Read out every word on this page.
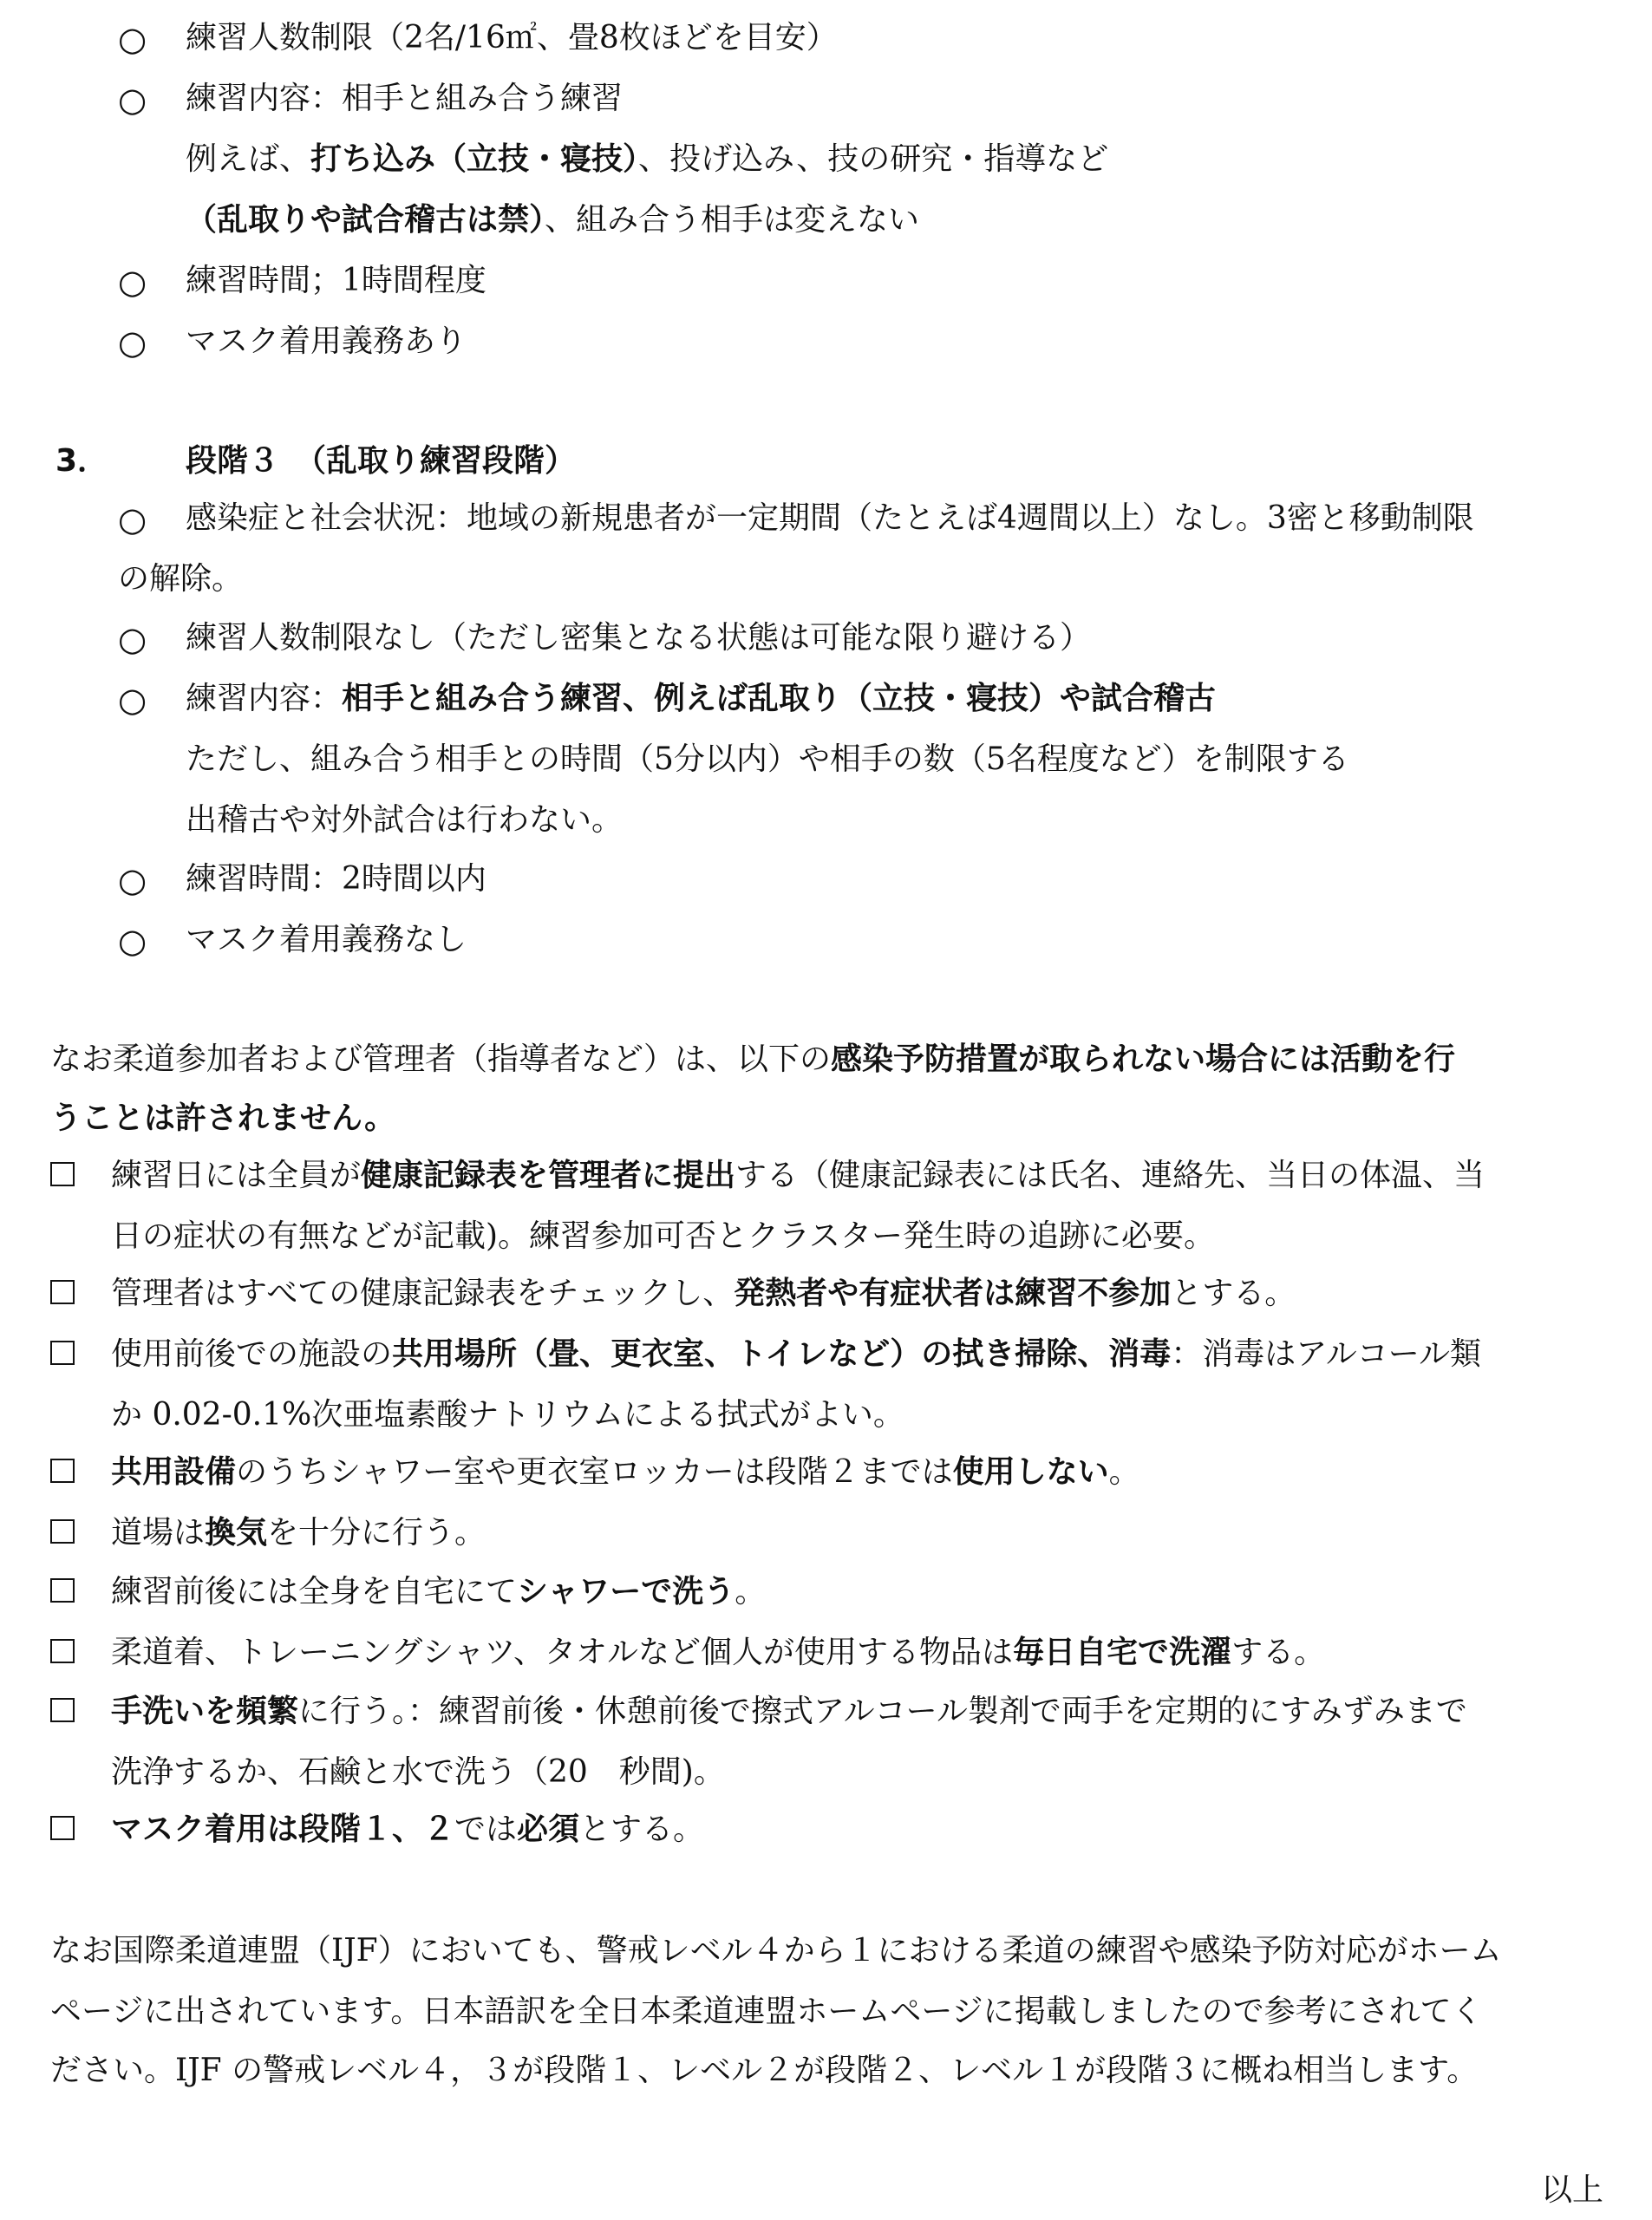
○ 練習人数制限（2名/16㎡、畳8枚ほどを目安）
○ 練習内容：相手と組み合う練習
例えば、打ち込み（立技・寝技）、投げ込み、技の研究・指導など
（乱取りや試合稽古は禁）、組み合う相手は変えない
○ 練習時間；1時間程度
○ マスク着用義務あり
3． 段階３　（乱取り練習段階）
○ 感染症と社会状況：地域の新規患者が一定期間（たとえば4週間以上）なし。3密と移動制限
の解除。
○ 練習人数制限なし（ただし密集となる状態は可能な限り避ける）
○ 練習内容：相手と組み合う練習、例えば乱取り（立技・寝技）や試合稽古
ただし、組み合う相手との時間（5分以内）や相手の数（5名程度など）を制限する
出稽古や対外試合は行わない。
○ 練習時間：2時間以内
○ マスク着用義務なし
なお柔道参加者および管理者（指導者など）は、以下の感染予防措置が取られない場合には活動を行
うことは許されません。
練習日には全員が健康記録表を管理者に提出する（健康記録表には氏名、連絡先、当日の体温、当
日の症状の有無などが記載)。練習参加可否とクラスター発生時の追跡に必要。
管理者はすべての健康記録表をチェックし、発熱者や有症状者は練習不参加とする。
使用前後での施設の共用場所（畳、更衣室、トイレなど）の拭き掃除、消毒：消毒はアルコール類
か 0.02-0.1%次亜塩素酸ナトリウムによる拭式がよい。
共用設備のうちシャワー室や更衣室ロッカーは段階２までは使用しない。
道場は換気を十分に行う。
練習前後には全身を自宅にてシャワーで洗う。
柔道着、トレーニングシャツ、タオルなど個人が使用する物品は毎日自宅で洗濯する。
手洗いを頻繁に行う。：練習前後・休憩前後で擦式アルコール製剤で両手を定期的にすみずみまで
洗浄するか、石鹸と水で洗う（20　秒間)。
マスク着用は段階１、２では必須とする。
なお国際柔道連盟（IJF）においても、警戒レベル４から１における柔道の練習や感染予防対応がホーム
ページに出されています。日本語訳を全日本柔道連盟ホームページに掲載しましたので参考にされてく
ださい。IJF の警戒レベル４，３が段階１、レベル２が段階２、レベル１が段階３に概ね相当します。
以上
